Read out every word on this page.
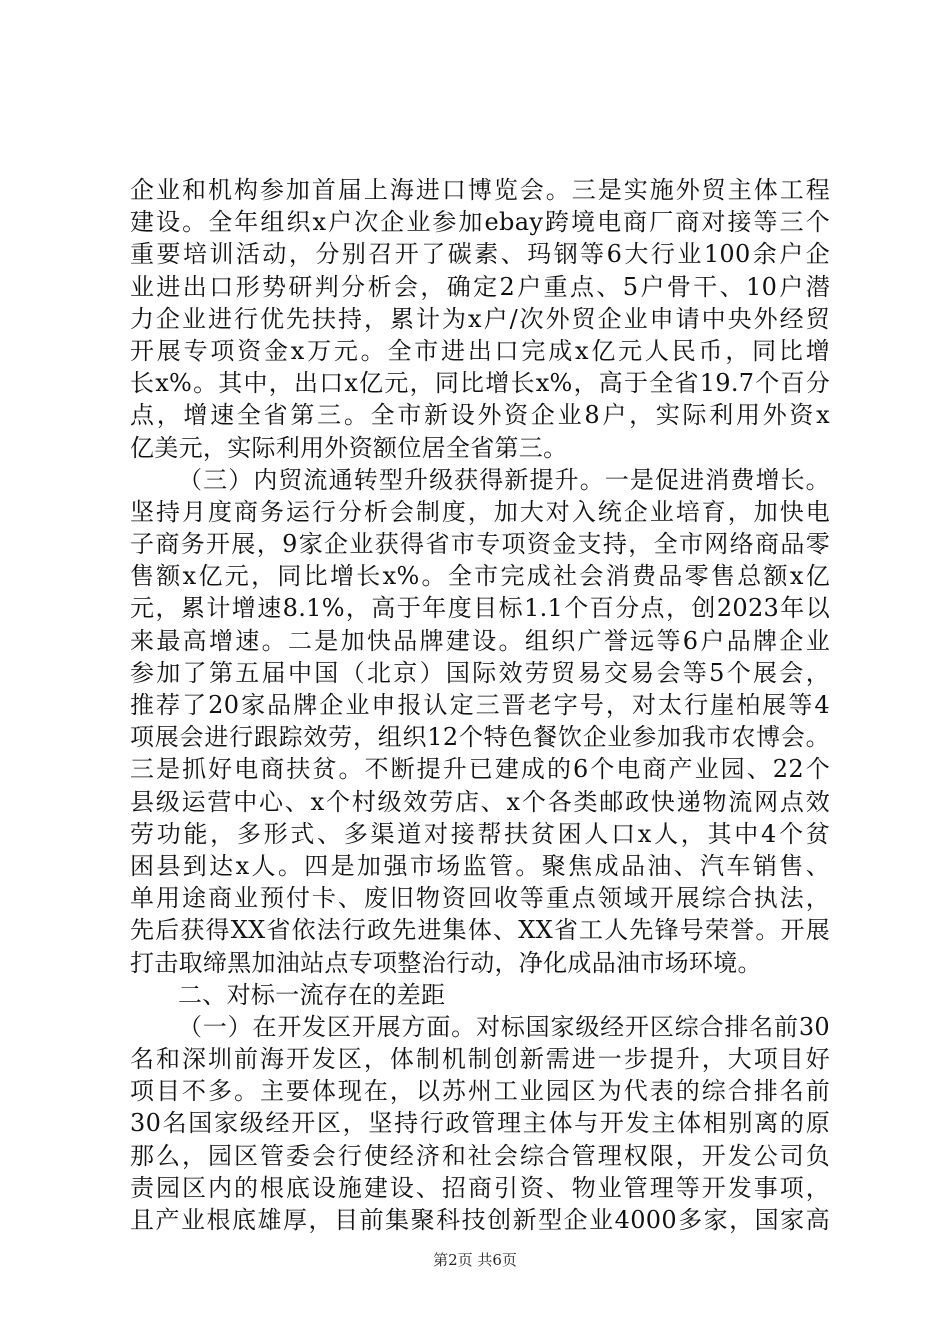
企业和机构参加首届上海进口博览会。三是实施外贸主体工程
建设。全年组织x户次企业参加ebay跨境电商厂商对接等三个
重要培训活动，分别召开了碳素、玛钢等6大行业100余户企
业进出口形势研判分析会，确定2户重点、5户骨干、10户潜
力企业进行优先扶持，累计为x户/次外贸企业申请中央外经贸
开展专项资金x万元。全市进出口完成x亿元人民币，同比增
长x%。其中，出口x亿元，同比增长x%，高于全省19.7个百分
点，增速全省第三。全市新设外资企业8户，实际利用外资x
亿美元，实际利用外资额位居全省第三。
（三）内贸流通转型升级获得新提升。一是促进消费增长。
坚持月度商务运行分析会制度，加大对入统企业培育，加快电
子商务开展，9家企业获得省市专项资金支持，全市网络商品零
售额x亿元，同比增长x%。全市完成社会消费品零售总额x亿
元，累计增速8.1%，高于年度目标1.1个百分点，创2023年以
来最高增速。二是加快品牌建设。组织广誉远等6户品牌企业
参加了第五届中国（北京）国际效劳贸易交易会等5个展会，
推荐了20家品牌企业申报认定三晋老字号，对太行崖柏展等4
项展会进行跟踪效劳，组织12个特色餐饮企业参加我市农博会。
三是抓好电商扶贫。不断提升已建成的6个电商产业园、22个
县级运营中心、x个村级效劳店、x个各类邮政快递物流网点效
劳功能，多形式、多渠道对接帮扶贫困人口x人，其中4个贫
困县到达x人。四是加强市场监管。聚焦成品油、汽车销售、
单用途商业预付卡、废旧物资回收等重点领域开展综合执法，
先后获得XX省依法行政先进集体、XX省工人先锋号荣誉。开展
打击取缔黑加油站点专项整治行动，净化成品油市场环境。
二、对标一流存在的差距
（一）在开发区开展方面。对标国家级经开区综合排名前30
名和深圳前海开发区，体制机制创新需进一步提升，大项目好
项目不多。主要体现在，以苏州工业园区为代表的综合排名前
30名国家级经开区，坚持行政管理主体与开发主体相别离的原
那么，园区管委会行使经济和社会综合管理权限，开发公司负
责园区内的根底设施建设、招商引资、物业管理等开发事项，
且产业根底雄厚，目前集聚科技创新型企业4000多家，国家高
第2页 共6页
